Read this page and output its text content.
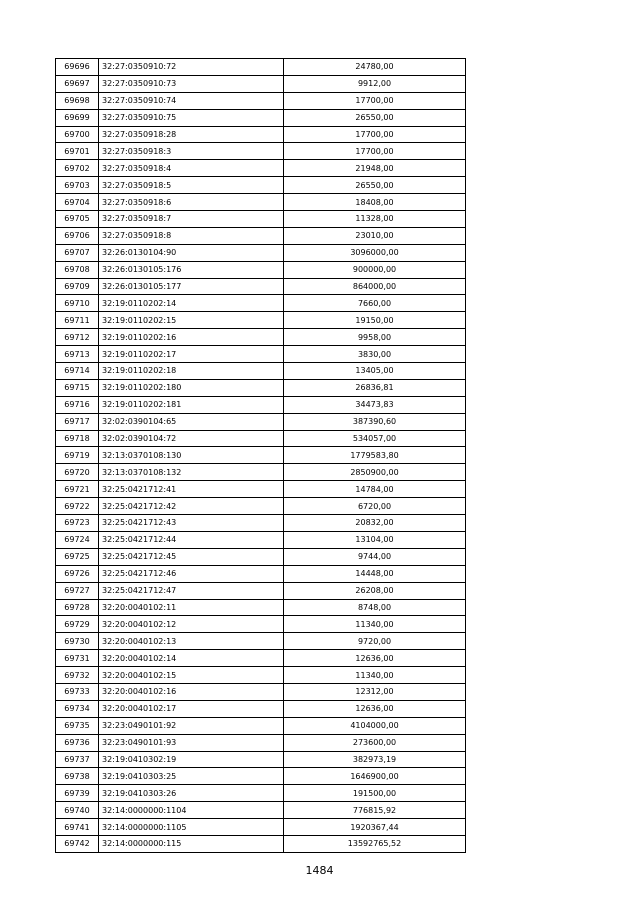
69696	32:27:0350910:72	24780,00
69697	32:27:0350910:73	9912,00
69698	32:27:0350910:74	17700,00
69699	32:27:0350910:75	26550,00
69700	32:27:0350918:28	17700,00
69701	32:27:0350918:3	17700,00
69702	32:27:0350918:4	21948,00
69703	32:27:0350918:5	26550,00
69704	32:27:0350918:6	18408,00
69705	32:27:0350918:7	11328,00
69706	32:27:0350918:8	23010,00
69707	32:26:0130104:90	3096000,00
69708	32:26:0130105:176	900000,00
69709	32:26:0130105:177	864000,00
69710	32:19:0110202:14	7660,00
69711	32:19:0110202:15	19150,00
69712	32:19:0110202:16	9958,00
69713	32:19:0110202:17	3830,00
69714	32:19:0110202:18	13405,00
69715	32:19:0110202:180	26836,81
69716	32:19:0110202:181	34473,83
69717	32:02:0390104:65	387390,60
69718	32:02:0390104:72	534057,00
69719	32:13:0370108:130	1779583,80
69720	32:13:0370108:132	2850900,00
69721	32:25:0421712:41	14784,00
69722	32:25:0421712:42	6720,00
69723	32:25:0421712:43	20832,00
69724	32:25:0421712:44	13104,00
69725	32:25:0421712:45	9744,00
69726	32:25:0421712:46	14448,00
69727	32:25:0421712:47	26208,00
69728	32:20:0040102:11	8748,00
69729	32:20:0040102:12	11340,00
69730	32:20:0040102:13	9720,00
69731	32:20:0040102:14	12636,00
69732	32:20:0040102:15	11340,00
69733	32:20:0040102:16	12312,00
69734	32:20:0040102:17	12636,00
69735	32:23:0490101:92	4104000,00
69736	32:23:0490101:93	273600,00
69737	32:19:0410302:19	382973,19
69738	32:19:0410303:25	1646900,00
69739	32:19:0410303:26	191500,00
69740	32:14:0000000:1104	776815,92
69741	32:14:0000000:1105	1920367,44
69742	32:14:0000000:115	13592765,52
1484
